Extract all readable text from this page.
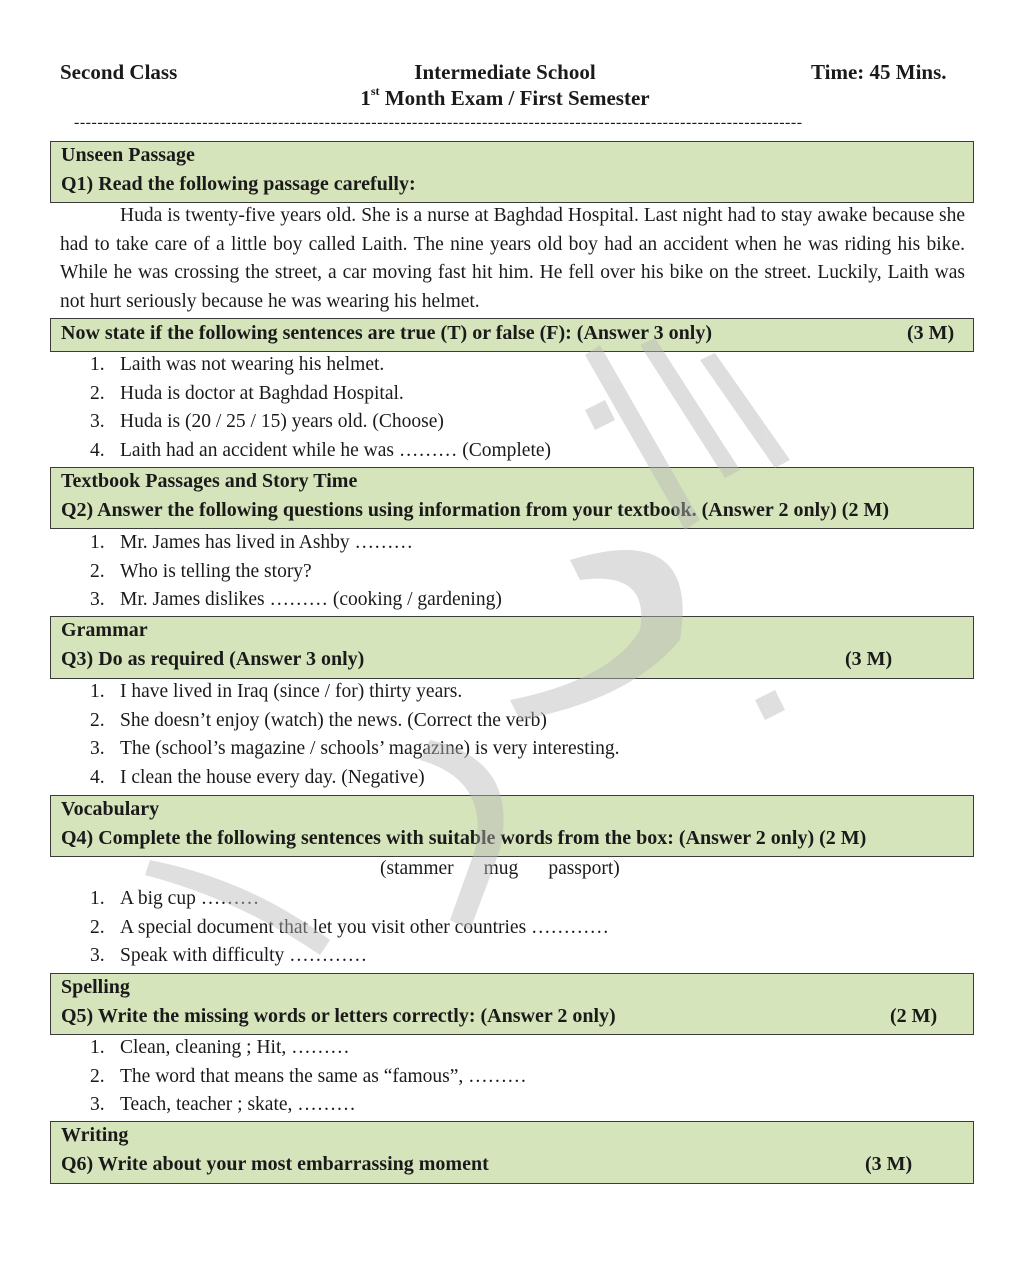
Second Class	Intermediate School
1st Month Exam / First Semester
Time: 45 Mins.
-----------------------------------------------------------------------------------------------------------------------------
Unseen Passage
Q1) Read the following passage carefully:
Huda is twenty-five years old. She is a nurse at Baghdad Hospital. Last night had to stay awake because she had to take care of a little boy called Laith. The nine years old boy had an accident when he was riding his bike. While he was crossing the street, a car moving fast hit him. He fell over his bike on the street. Luckily, Laith was not hurt seriously because he was wearing his helmet.
Now state if the following sentences are true (T) or false (F): (Answer 3 only)	(3 M)
1. Laith was not wearing his helmet.
2. Huda is doctor at Baghdad Hospital.
3. Huda is (20 / 25 / 15) years old. (Choose)
4. Laith had an accident while he was ……… (Complete)
Textbook Passages and Story Time
Q2) Answer the following questions using information from your textbook. (Answer 2 only) (2 M)
1. Mr. James has lived in Ashby ………
2. Who is telling the story?
3. Mr. James dislikes ……… (cooking / gardening)
Grammar
Q3) Do as required (Answer 3 only)	(3 M)
1. I have lived in Iraq (since / for) thirty years.
2. She doesn’t enjoy (watch) the news. (Correct the verb)
3. The (school’s magazine / schools’ magazine) is very interesting.
4. I clean the house every day. (Negative)
Vocabulary
Q4) Complete the following sentences with suitable words from the box: (Answer 2 only) (2 M)
(stammer mug passport)
1. A big cup ………
2. A special document that let you visit other countries …………
3. Speak with difficulty …………
Spelling
Q5) Write the missing words or letters correctly: (Answer 2 only)	(2 M)
1. Clean, cleaning ; Hit, ………
2. The word that means the same as “famous”, ………
3. Teach, teacher ; skate, ………
Writing
Q6) Write about your most embarrassing moment	(3 M)
